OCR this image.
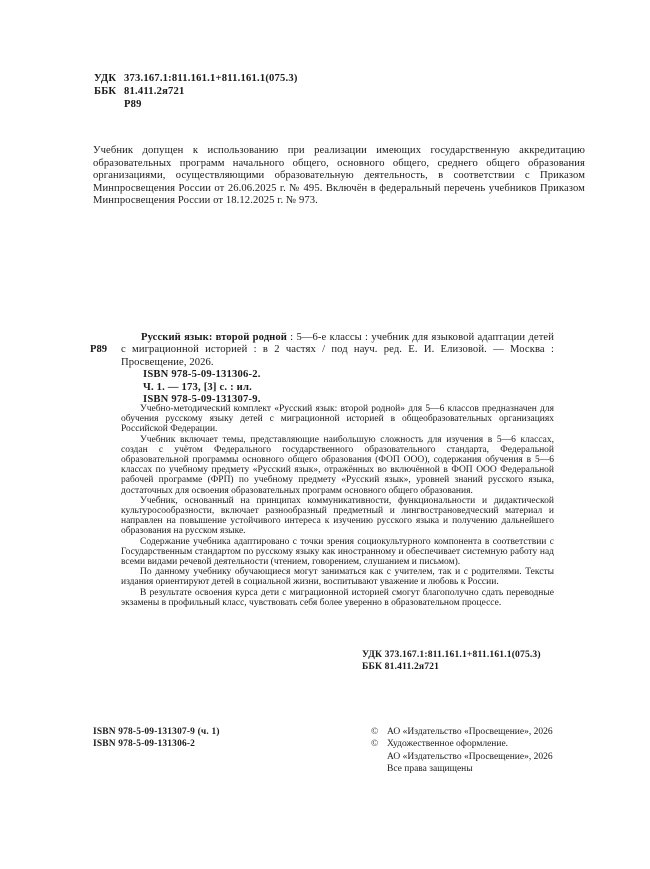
УДК 373.167.1:811.161.1+811.161.1(075.3)
ББК 81.411.2я721
Р89
Учебник допущен к использованию при реализации имеющих государственную аккредитацию образовательных программ начального общего, основного общего, среднего общего образования организациями, осуществляющими образовательную деятельность, в соответствии с Приказом Минпросвещения России от 26.06.2025 г. № 495. Включён в федеральный перечень учебников Приказом Минпросвещения России от 18.12.2025 г. № 973.
Р89

Русский язык: второй родной : 5—6-е классы : учебник для языковой адаптации детей с миграционной историей : в 2 частях / под науч. ред. Е. И. Елизовой. — Москва : Просвещение, 2026.

ISBN 978-5-09-131306-2.
Ч. 1. — 173, [3] с. : ил.
ISBN 978-5-09-131307-9.

Учебно-методический комплект «Русский язык: второй родной» для 5—6 классов предназначен для обучения русскому языку детей с миграционной историей в общеобразовательных организациях Российской Федерации.

Учебник включает темы, представляющие наибольшую сложность для изучения в 5—6 классах, создан с учётом Федерального государственного образовательного стандарта, Федеральной образовательной программы основного общего образования (ФОП ООО), содержания обучения в 5—6 классах по учебному предмету «Русский язык», отражённых во включённой в ФОП ООО Федеральной рабочей программе (ФРП) по учебному предмету «Русский язык», уровней знаний русского языка, достаточных для освоения образовательных программ основного общего образования.

Учебник, основанный на принципах коммуникативности, функциональности и дидактической культуросообразности, включает разнообразный предметный и лингвострановедческий материал и направлен на повышение устойчивого интереса к изучению русского языка и получению дальнейшего образования на русском языке.

Содержание учебника адаптировано с точки зрения социокультурного компонента в соответствии с Государственным стандартом по русскому языку как иностранному и обеспечивает системную работу над всеми видами речевой деятельности (чтением, говорением, слушанием и письмом).

По данному учебнику обучающиеся могут заниматься как с учителем, так и с родителями. Тексты издания ориентируют детей в социальной жизни, воспитывают уважение и любовь к России.

В результате освоения курса дети с миграционной историей смогут благополучно сдать переводные экзамены в профильный класс, чувствовать себя более уверенно в образовательном процессе.

УДК 373.167.1:811.161.1+811.161.1(075.3)
ББК 81.411.2я721
ISBN 978-5-09-131307-9 (ч. 1)
ISBN 978-5-09-131306-2
© АО «Издательство «Просвещение», 2026
© Художественное оформление.
АО «Издательство «Просвещение», 2026
Все права защищены
